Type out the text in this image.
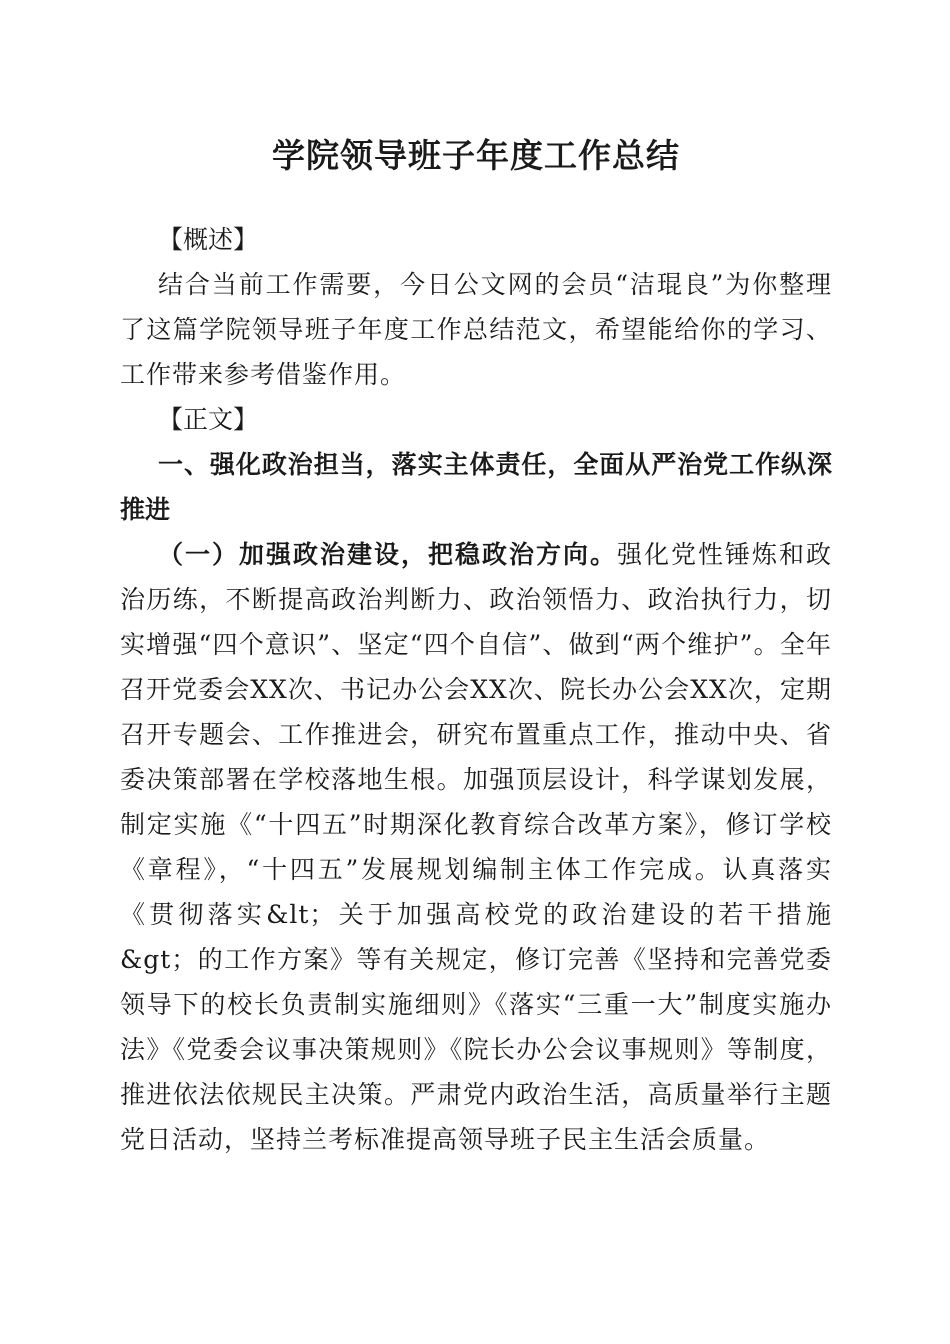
学院领导班子年度工作总结

【概述】

结合当前工作需要，今日公文网的会员“洁琨良”为你整理了这篇学院领导班子年度工作总结范文，希望能给你的学习、工作带来参考借鉴作用。

【正文】

一、强化政治担当，落实主体责任，全面从严治党工作纵深推进

（一）加强政治建设，把稳政治方向。强化党性锤炼和政治历练，不断提高政治判断力、政治领悟力、政治执行力，切实增强“四个意识”、坚定“四个自信”、做到“两个维护”。全年召开党委会XX次、书记办公会XX次、院长办公会XX次，定期召开专题会、工作推进会，研究布置重点工作，推动中央、省委决策部署在学校落地生根。加强顶层设计，科学谋划发展，制定实施《“十四五”时期深化教育综合改革方案》，修订学校《章程》，“十四五”发展规划编制主体工作完成。认真落实《贯彻落实&lt；关于加强高校党的政治建设的若干措施&gt；的工作方案》等有关规定，修订完善《坚持和完善党委领导下的校长负责制实施细则》《落实“三重一大”制度实施办法》《党委会议事决策规则》《院长办公会议事规则》等制度，推进依法依规民主决策。严肃党内政治生活，高质量举行主题党日活动，坚持兰考标准提高领导班子民主生活会质量。
